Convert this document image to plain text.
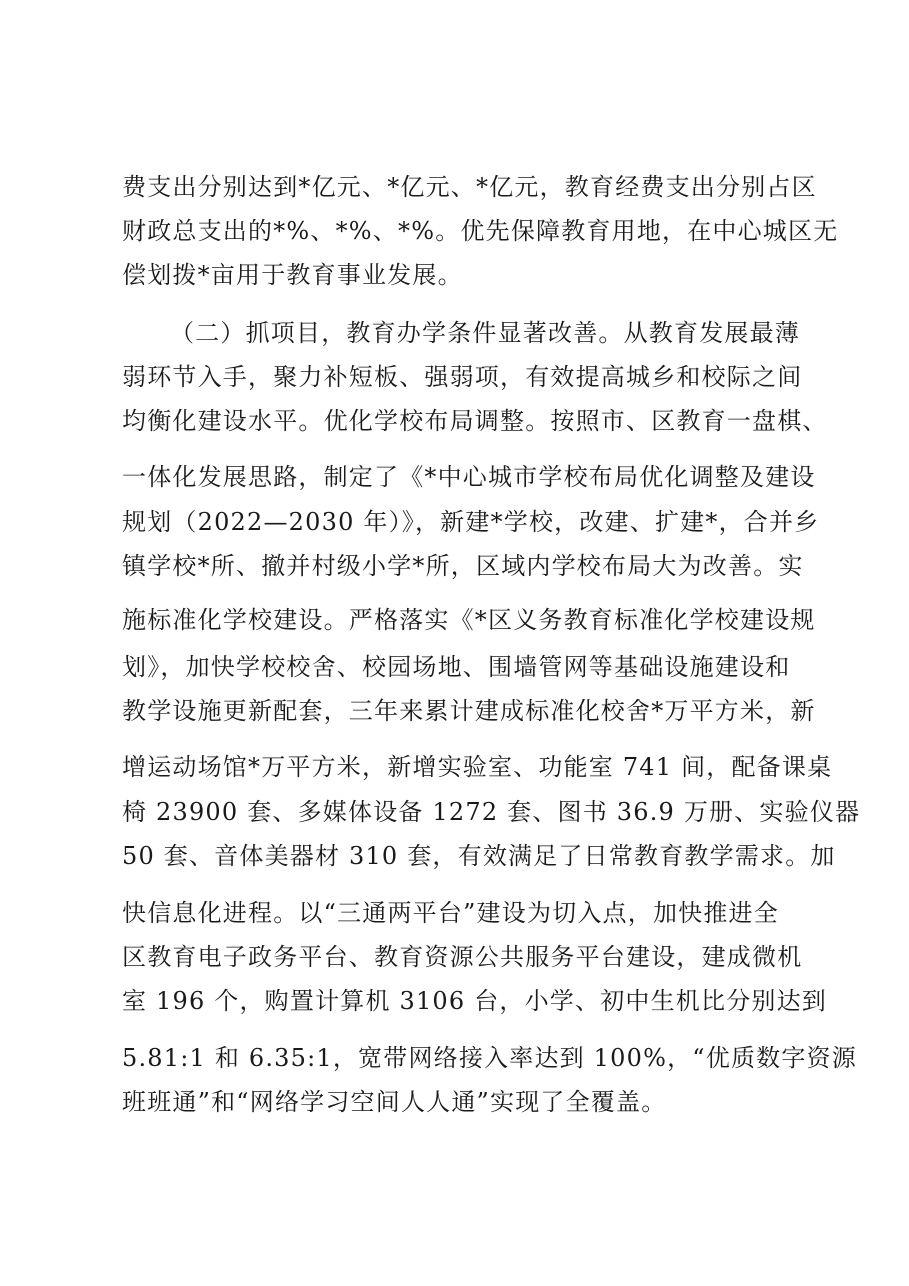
费支出分别达到*亿元、*亿元、*亿元，教育经费支出分别占区
财政总支出的*%、*%、*%。优先保障教育用地，在中心城区无
偿划拨*亩用于教育事业发展。
（二）抓项目，教育办学条件显著改善。从教育发展最薄
弱环节入手，聚力补短板、强弱项，有效提高城乡和校际之间
均衡化建设水平。优化学校布局调整。按照市、区教育一盘棋、
一体化发展思路，制定了《*中心城市学校布局优化调整及建设
规划（2022—2030 年）》，新建*学校，改建、扩建*，合并乡
镇学校*所、撤并村级小学*所，区域内学校布局大为改善。实
施标准化学校建设。严格落实《*区义务教育标准化学校建设规
划》，加快学校校舍、校园场地、围墙管网等基础设施建设和
教学设施更新配套，三年来累计建成标准化校舍*万平方米，新
增运动场馆*万平方米，新增实验室、功能室 741 间，配备课桌
椅 23900 套、多媒体设备 1272 套、图书 36.9 万册、实验仪器
50 套、音体美器材 310 套，有效满足了日常教育教学需求。加
快信息化进程。以“三通两平台”建设为切入点，加快推进全
区教育电子政务平台、教育资源公共服务平台建设，建成微机
室 196 个，购置计算机 3106 台，小学、初中生机比分别达到
5.81:1 和 6.35:1，宽带网络接入率达到 100%，“优质数字资源
班班通”和“网络学习空间人人通”实现了全覆盖。
